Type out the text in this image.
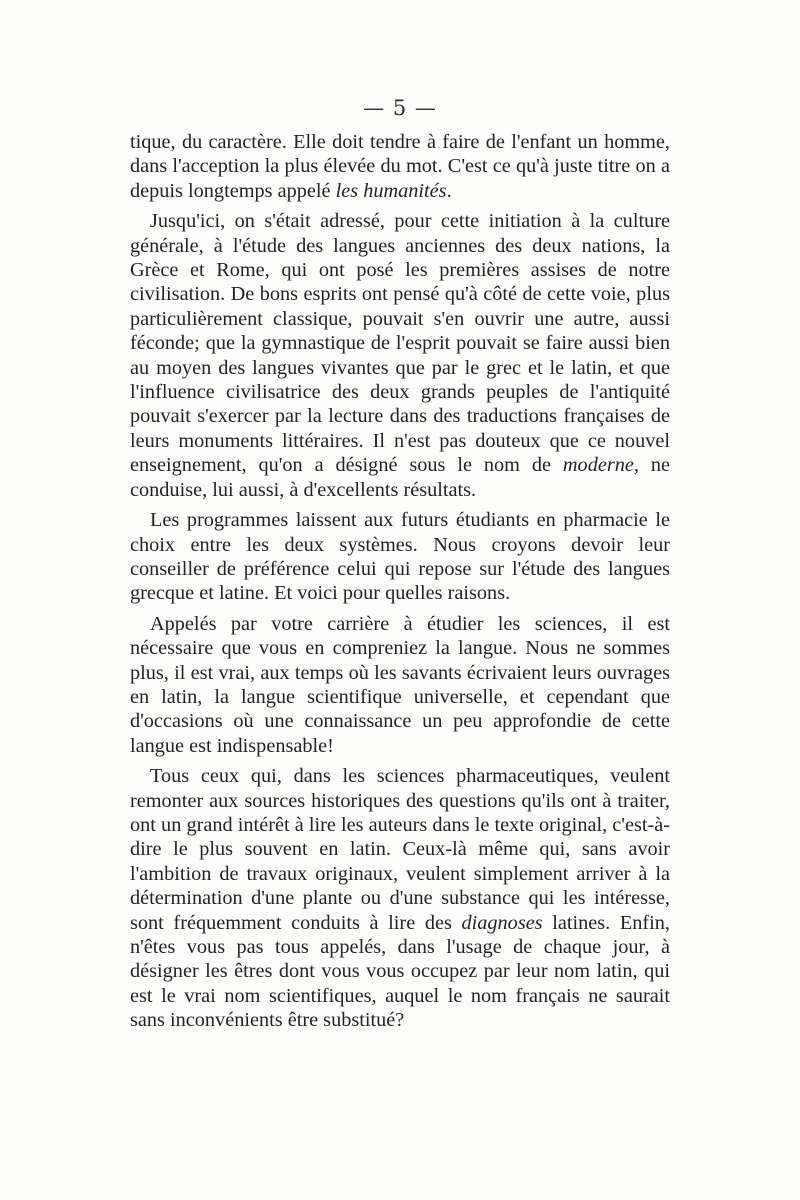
— 5 —

tique, du caractère. Elle doit tendre à faire de l'enfant un homme, dans l'acception la plus élevée du mot. C'est ce qu'à juste titre on a depuis longtemps appelé les humanités.

Jusqu'ici, on s'était adressé, pour cette initiation à la culture générale, à l'étude des langues anciennes des deux nations, la Grèce et Rome, qui ont posé les premières assises de notre civilisation. De bons esprits ont pensé qu'à côté de cette voie, plus particulièrement classique, pouvait s'en ouvrir une autre, aussi féconde; que la gymnastique de l'esprit pouvait se faire aussi bien au moyen des langues vivantes que par le grec et le latin, et que l'influence civilisatrice des deux grands peuples de l'antiquité pouvait s'exercer par la lecture dans des traductions françaises de leurs monuments littéraires. Il n'est pas douteux que ce nouvel enseignement, qu'on a désigné sous le nom de moderne, ne conduise, lui aussi, à d'excellents résultats.

Les programmes laissent aux futurs étudiants en pharmacie le choix entre les deux systèmes. Nous croyons devoir leur conseiller de préférence celui qui repose sur l'étude des langues grecque et latine. Et voici pour quelles raisons.

Appelés par votre carrière à étudier les sciences, il est nécessaire que vous en compreniez la langue. Nous ne sommes plus, il est vrai, aux temps où les savants écrivaient leurs ouvrages en latin, la langue scientifique universelle, et cependant que d'occasions où une connaissance un peu approfondie de cette langue est indispensable!

Tous ceux qui, dans les sciences pharmaceutiques, veulent remonter aux sources historiques des questions qu'ils ont à traiter, ont un grand intérêt à lire les auteurs dans le texte original, c'est-à-dire le plus souvent en latin. Ceux-là même qui, sans avoir l'ambition de travaux originaux, veulent simplement arriver à la détermination d'une plante ou d'une substance qui les intéresse, sont fréquemment conduits à lire des diagnoses latines. Enfin, n'êtes vous pas tous appelés, dans l'usage de chaque jour, à désigner les êtres dont vous vous occupez par leur nom latin, qui est le vrai nom scientifiques, auquel le nom français ne saurait sans inconvénients être substitué?
